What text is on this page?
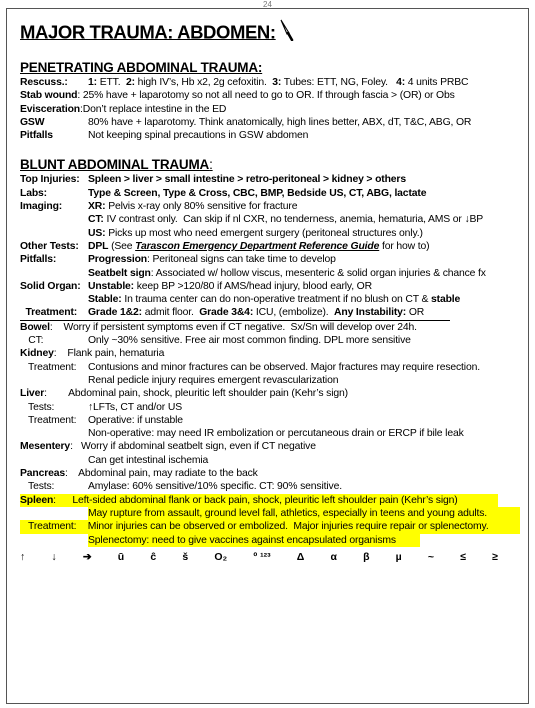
24
MAJOR TRAUMA: ABDOMEN:
PENETRATING ABDOMINAL TRAUMA:
Rescuss.:	1: ETT.  2: high IV’s, Hb x2, 2g cefoxitin.  3: Tubes: ETT, NG, Foley.   4: 4 units PRBC
Stab wound : 25% have + laparotomy so not all need to go to OR. If through fascia > (OR) or Obs
Evisceration :Don’t replace intestine in the ED
GSW	80% have + laparotomy. Think anatomically, high lines better, ABX, dT, T&C, ABG, OR
Pitfalls	Not keeping spinal precautions in GSW abdomen
BLUNT ABDOMINAL TRAUMA:
Top Injuries: Spleen > liver > small intestine > retro-peritoneal > kidney > others
Labs:	Type & Screen, Type & Cross, CBC, BMP, Bedside US, CT, ABG, lactate
Imaging:	XR: Pelvis x-ray only 80% sensitive for fracture
CT: IV contrast only.  Can skip if nl CXR, no tenderness, anemia, hematuria, AMS or ↓BP
US: Picks up most who need emergent surgery (peritoneal structures only.)
Other Tests: DPL (See Tarascon Emergency Department Reference Guide for how to)
Pitfalls:	Progression: Peritoneal signs can take time to develop
Seatbelt sign: Associated w/ hollow viscus, mesenteric & solid organ injuries & chance fx
Solid Organ: Unstable: keep BP >120/80 if AMS/head injury, blood early, OR
Stable: In trauma center can do non-operative treatment if no blush on CT & stable
Treatment:	Grade 1&2: admit floor.  Grade 3&4: ICU, (embolize).  Any Instability: OR
Bowel :    Worry if persistent symptoms even if CT negative.  Sx/Sn will develop over 24h.
CT:	Only ~30% sensitive. Free air most common finding. DPL more sensitive
Kidney :    Flank pain, hematuria
Treatment:	Contusions and minor fractures can be observed. Major fractures may require resection.
Renal pedicle injury requires emergent revascularization
Liver :        Abdominal pain, shock, pleuritic left shoulder pain (Kehr’s sign)
Tests:	↑LFTs, CT and/or US
Treatment:	Operative: if unstable
Non-operative: may need IR embolization or percutaneous drain or ERCP if bile leak
Mesentery :   Worry if abdominal seatbelt sign, even if CT negative
Can get intestinal ischemia
Pancreas :    Abdominal pain, may radiate to the back
Tests:	Amylase: 60% sensitive/10% specific. CT: 90% sensitive.
Spleen :      Left-sided abdominal flank or back pain, shock, pleuritic left shoulder pain (Kehr’s sign)
May rupture from assault, ground level fall, athletics, especially in teens and young adults.
Treatment: Minor injuries can be observed or embolized.  Major injuries require repair or splenectomy.
Splenectomy: need to give vaccines against encapsulated organisms
↑ ↓ ➔ ū ĉ š O₂ º ¹²³ Δ α β µ ~ ≤ ≥
